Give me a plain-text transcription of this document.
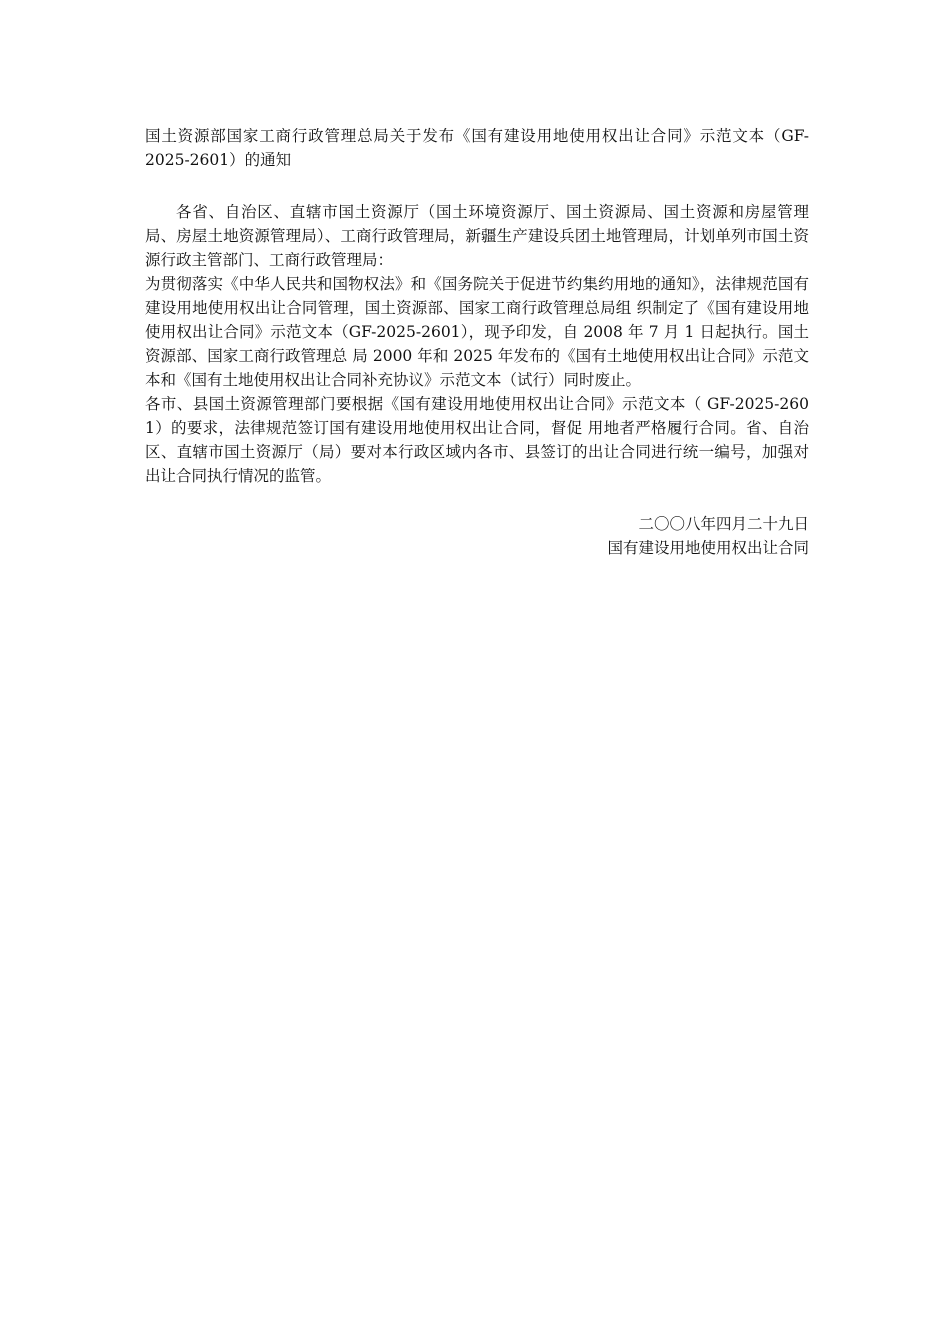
国土资源部国家工商行政管理总局关于发布《国有建设用地使用权出让合同》示范文本（GF-2025-2601）的通知

各省、自治区、直辖市国土资源厅（国土环境资源厅、国土资源局、国土资源和房屋管理局、房屋土地资源管理局）、工商行政管理局，新疆生产建设兵团土地管理局，计划单列市国土资源行政主管部门、工商行政管理局：

为贯彻落实《中华人民共和国物权法》和《国务院关于促进节约集约用地的通知》，法律规范国有建设用地使用权出让合同管理，国土资源部、国家工商行政管理总局组 织制定了《国有建设用地使用权出让合同》示范文本（GF-2025-2601），现予印发，自 2008 年 7 月 1 日起执行。国土资源部、国家工商行政管理总 局 2000 年和 2025 年发布的《国有土地使用权出让合同》示范文本和《国有土地使用权出让合同补充协议》示范文本（试行）同时废止。

各市、县国土资源管理部门要根据《国有建设用地使用权出让合同》示范文本（ GF-2025-2601）的要求，法律规范签订国有建设用地使用权出让合同，督促 用地者严格履行合同。省、自治区、直辖市国土资源厅（局）要对本行政区域内各市、县签订的出让合同进行统一编号，加强对出让合同执行情况的监管。

二〇〇八年四月二十九日
国有建设用地使用权出让合同
